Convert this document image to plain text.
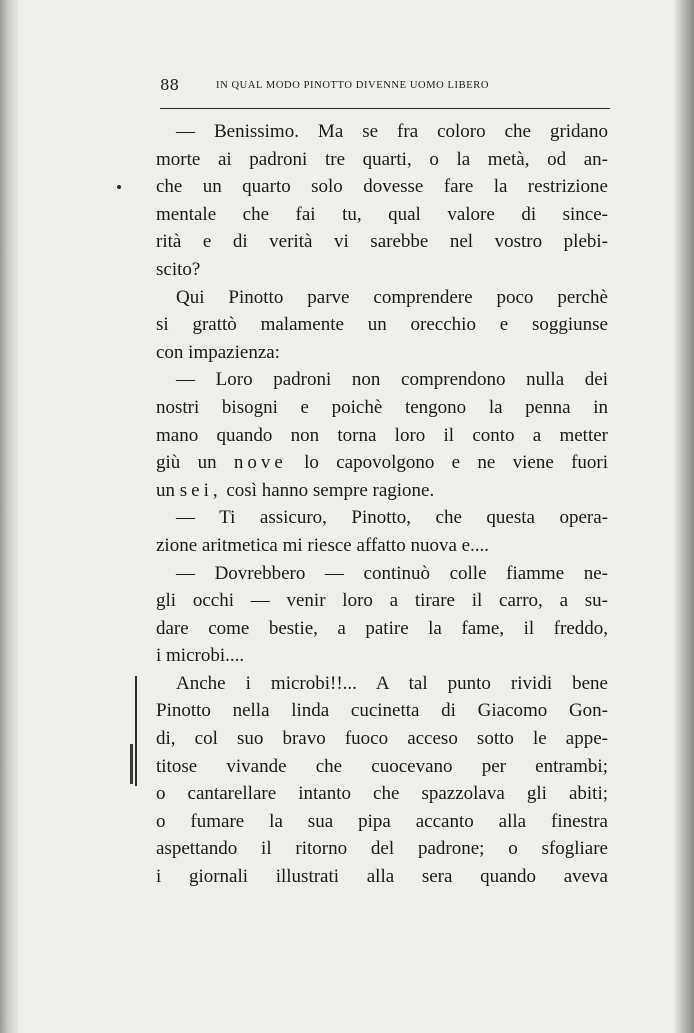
88	IN QUAL MODO PINOTTO DIVENNE UOMO LIBERO
— Benissimo. Ma se fra coloro che gridano
morte ai padroni tre quarti, o la metà, od an-
che un quarto solo dovesse fare la restrizione
mentale che fai tu, qual valore di since-
rità e di verità vi sarebbe nel vostro plebi-
scito?
Qui Pinotto parve comprendere poco perchè
si grattò malamente un orecchio e soggiunse
con impazienza:
— Loro padroni non comprendono nulla dei
nostri bisogni e poichè tengono la penna in
mano quando non torna loro il conto a metter
giù un nove lo capovolgono e ne viene fuori
un sei, così hanno sempre ragione.
— Ti assicuro, Pinotto, che questa opera-
zione aritmetica mi riesce affatto nuova e....
— Dovrebbero — continuò colle fiamme ne-
gli occhi — venir loro a tirare il carro, a su-
dare come bestie, a patire la fame, il freddo,
i microbi....
Anche i microbi!!... A tal punto rividi bene
Pinotto nella linda cucinetta di Giacomo Gon-
di, col suo bravo fuoco acceso sotto le appe-
titose vivande che cuocevano per entrambi;
o cantarellare intanto che spazzolava gli abiti;
o fumare la sua pipa accanto alla finestra
aspettando il ritorno del padrone; o sfogliare
i giornali illustrati alla sera quando aveva
